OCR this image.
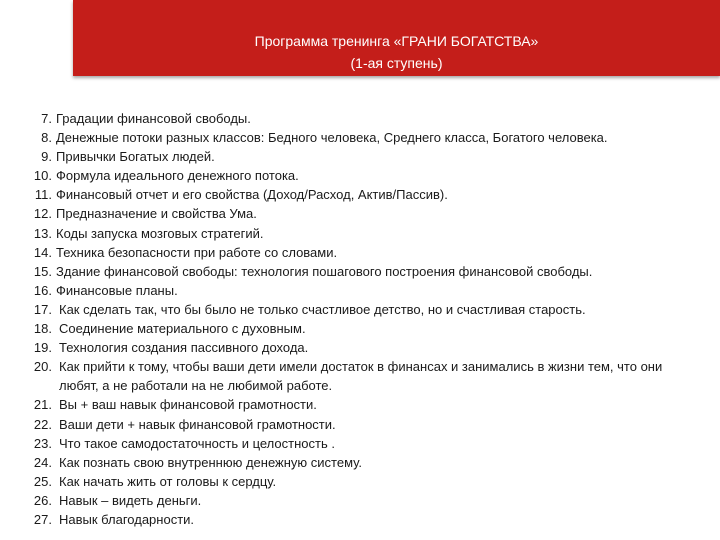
Программа тренинга «ГРАНИ БОГАТСТВА»
(1-ая ступень)
7. Градации финансовой свободы.
8. Денежные потоки разных классов: Бедного человека, Среднего класса, Богатого человека.
9. Привычки Богатых людей.
10. Формула идеального денежного потока.
11. Финансовый отчет и его свойства (Доход/Расход, Актив/Пассив).
12. Предназначение и свойства Ума.
13. Коды запуска мозговых стратегий.
14. Техника безопасности при работе со словами.
15. Здание финансовой свободы: технология пошагового построения финансовой свободы.
16. Финансовые планы.
17. Как сделать так, что бы было не только счастливое детство, но и счастливая старость.
18. Соединение материального с духовным.
19. Технология создания пассивного дохода.
20. Как прийти к тому, чтобы ваши дети имели достаток в финансах и занимались в жизни тем, что они любят, а не работали на не любимой работе.
21. Вы + ваш навык финансовой грамотности.
22. Ваши дети + навык финансовой грамотности.
23. Что такое самодостаточность и целостность .
24. Как познать свою внутреннюю денежную систему.
25. Как начать жить от головы к сердцу.
26. Навык – видеть деньги.
27. Навык благодарности.
